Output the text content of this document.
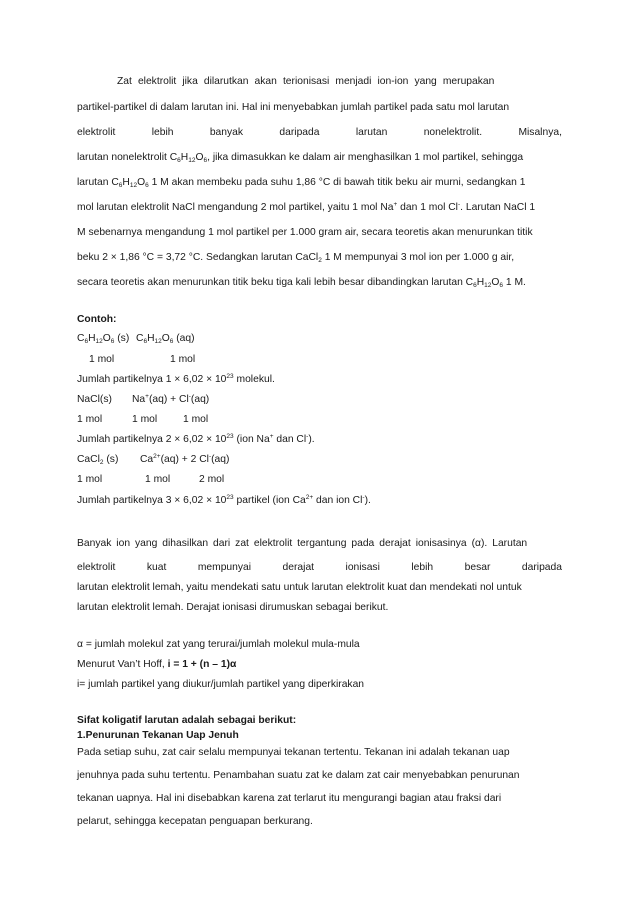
Zat elektrolit jika dilarutkan akan terionisasi menjadi ion-ion yang merupakan
partikel-partikel di dalam larutan ini. Hal ini menyebabkan jumlah partikel pada satu mol larutan
elektrolit	lebih	banyak	daripada	larutan	nonelektrolit.	Misalnya,
larutan nonelektrolit $C_6H_{12}O_6$, jika dimasukkan ke dalam air menghasilkan 1 mol partikel, sehingga
larutan $C_6H_{12}O_6$ 1 M akan membeku pada suhu 1,86 °C di bawah titik beku air murni, sedangkan 1
mol larutan elektrolit NaCl mengandung 2 mol partikel, yaitu 1 mol Na+ dan 1 mol Cl-. Larutan NaCl 1
M sebenarnya mengandung 1 mol partikel per 1.000 gram air, secara teoretis akan menurunkan titik
beku 2 × 1,86 °C = 3,72 °C. Sedangkan larutan CaCl$_2$ 1 M mempunyai 3 mol ion per 1.000 g air,
secara teoretis akan menurunkan titik beku tiga kali lebih besar dibandingkan larutan $C_6H_{12}O_6$ 1 M.
Contoh:
$C_6H_{12}O_6$ (s) $C_6H_{12}O_6$ (aq)
1 mol	1 mol
Jumlah partikelnya $1 \times 6,02 \times 10^{23}$ molekul.
NaCl(s) Na+(aq) + Cl-(aq)
1 mol	1 mol	1 mol
Jumlah partikelnya $2 \times 6,02 \times 10^{23}$ (ion Na+ dan Cl-).
CaCl$_2$ (s) $Ca^{2+}(aq) + 2$ Cl-(aq)
1 mol	1 mol	2 mol
Jumlah partikelnya $3 \times 6,02 \times 10^{23}$ partikel (ion $Ca^{2+}$ dan ion Cl-).
Banyak ion yang dihasilkan dari zat elektrolit tergantung pada derajat ionisasinya (α). Larutan
elektrolit	kuat	mempunyai	derajat	ionisasi	lebih	besar	daripada
larutan elektrolit lemah, yaitu mendekati satu untuk larutan elektrolit kuat dan mendekati nol untuk
larutan elektrolit lemah. Derajat ionisasi dirumuskan sebagai berikut.
α = jumlah molekul zat yang terurai/jumlah molekul mula-mula
Menurut Van’t Hoff, i = 1 + (n – 1)α
i= jumlah partikel yang diukur/jumlah partikel yang diperkirakan
Sifat koligatif larutan adalah sebagai berikut:
1.Penurunan Tekanan Uap Jenuh
Pada setiap suhu, zat cair selalu mempunyai tekanan tertentu. Tekanan ini adalah tekanan uap
jenuhnya pada suhu tertentu. Penambahan suatu zat ke dalam zat cair menyebabkan penurunan
tekanan uapnya. Hal ini disebabkan karena zat terlarut itu mengurangi bagian atau fraksi dari
pelarut, sehingga kecepatan penguapan berkurang.
